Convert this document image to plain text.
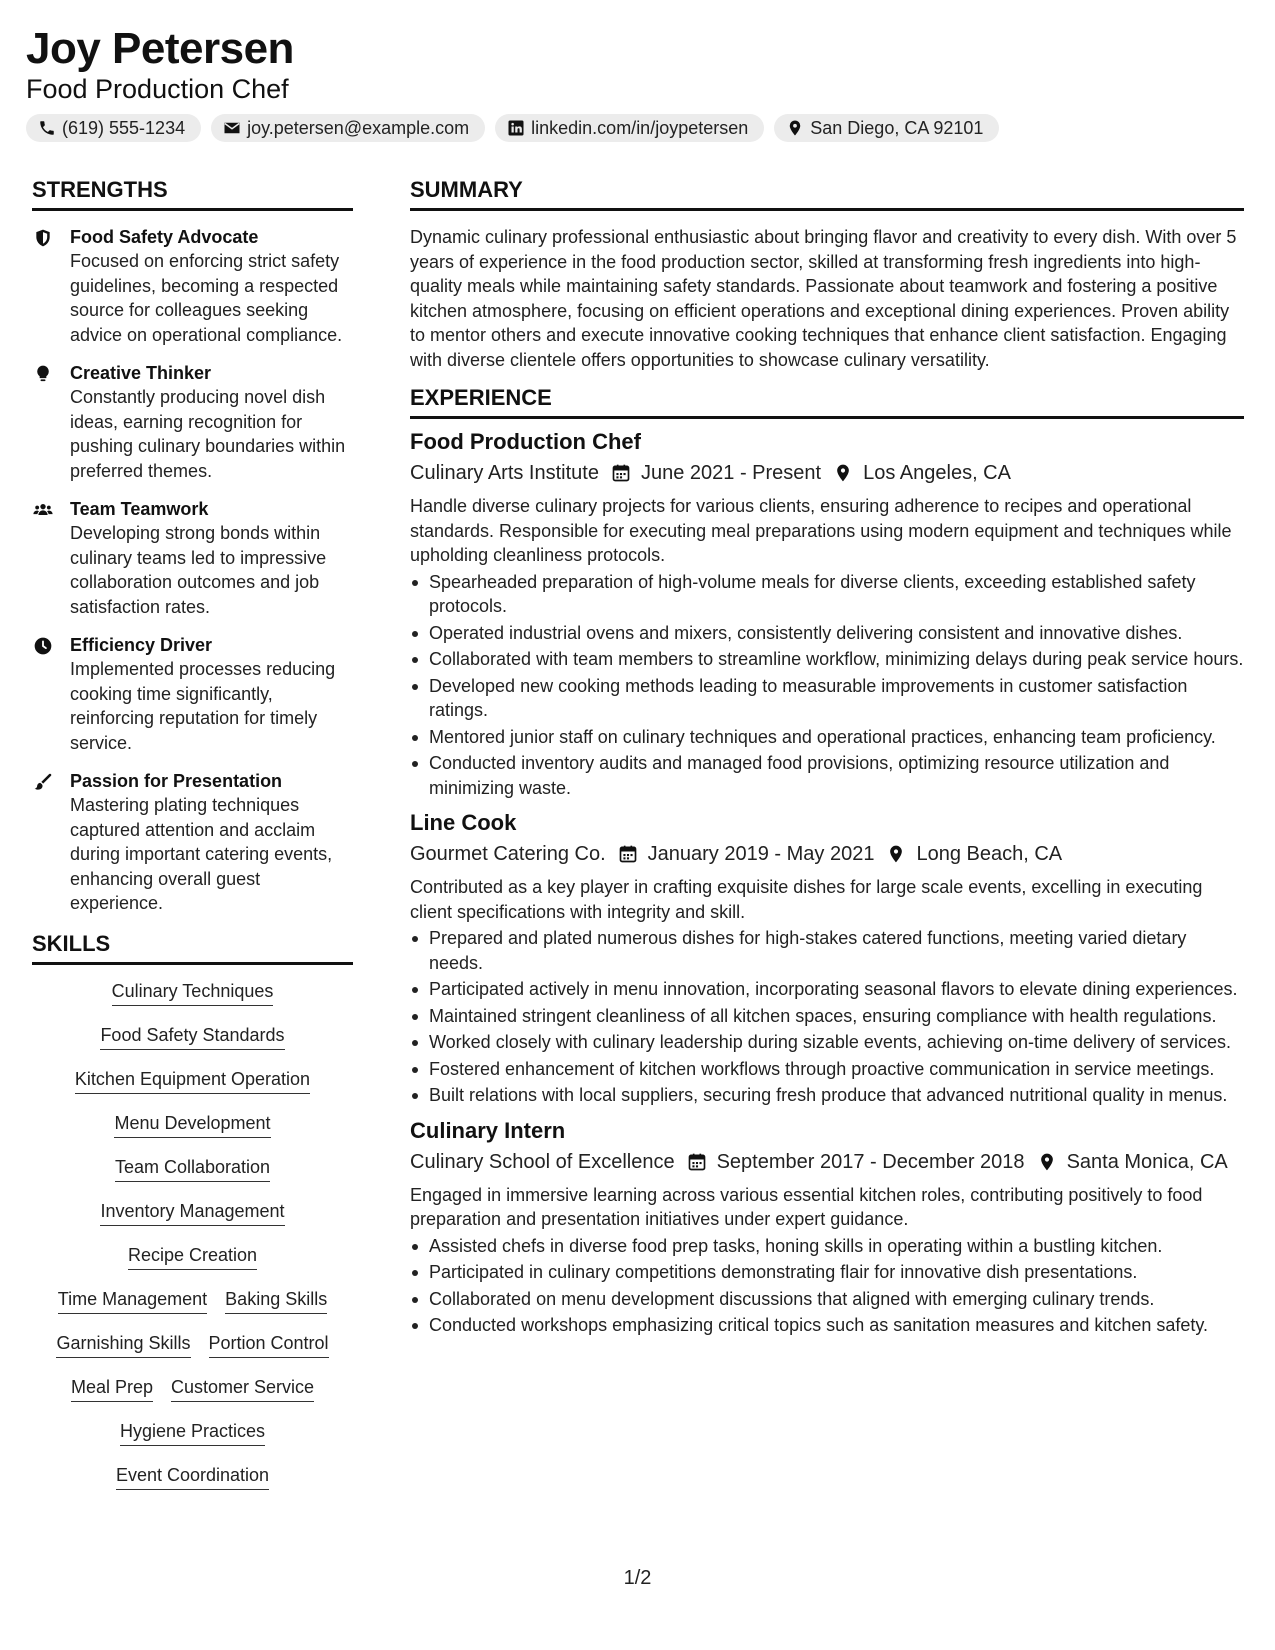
Joy Petersen
Food Production Chef
(619) 555-1234	joy.petersen@example.com	linkedin.com/in/joypetersen	San Diego, CA 92101
STRENGTHS
Food Safety Advocate

Focused on enforcing strict safety guidelines, becoming a respected source for colleagues seeking advice on operational compliance.

Creative Thinker

Constantly producing novel dish ideas, earning recognition for pushing culinary boundaries within preferred themes.

Team Teamwork

Developing strong bonds within culinary teams led to impressive collaboration outcomes and job satisfaction rates.

Efficiency Driver

Implemented processes reducing cooking time significantly, reinforcing reputation for timely service.

Passion for Presentation

Mastering plating techniques captured attention and acclaim during important catering events, enhancing overall guest experience.

SKILLS
Culinary Techniques
Food Safety Standards
Kitchen Equipment Operation
Menu Development
Team Collaboration
Inventory Management
Recipe Creation
Time Management Baking Skills
Garnishing Skills Portion Control
Meal Prep Customer Service
Hygiene Practices
Event Coordination
SUMMARY

Dynamic culinary professional enthusiastic about bringing flavor and creativity to every dish. With over 5 years of experience in the food production sector, skilled at transforming fresh ingredients into high-quality meals while maintaining safety standards. Passionate about teamwork and fostering a positive kitchen atmosphere, focusing on efficient operations and exceptional dining experiences. Proven ability to mentor others and execute innovative cooking techniques that enhance client satisfaction. Engaging with diverse clientele offers opportunities to showcase culinary versatility.

EXPERIENCE
Food Production Chef
Culinary Arts Institute June 2021 - Present Los Angeles, CA

Handle diverse culinary projects for various clients, ensuring adherence to recipes and operational standards. Responsible for executing meal preparations using modern equipment and techniques while upholding cleanliness protocols.

Spearheaded preparation of high-volume meals for diverse clients, exceeding established safety protocols.
Operated industrial ovens and mixers, consistently delivering consistent and innovative dishes.
Collaborated with team members to streamline workflow, minimizing delays during peak service hours.
Developed new cooking methods leading to measurable improvements in customer satisfaction ratings.
Mentored junior staff on culinary techniques and operational practices, enhancing team proficiency.
Conducted inventory audits and managed food provisions, optimizing resource utilization and minimizing waste.
Line Cook
Gourmet Catering Co. January 2019 - May 2021 Long Beach, CA

Contributed as a key player in crafting exquisite dishes for large scale events, excelling in executing client specifications with integrity and skill.

Prepared and plated numerous dishes for high-stakes catered functions, meeting varied dietary needs.
Participated actively in menu innovation, incorporating seasonal flavors to elevate dining experiences.
Maintained stringent cleanliness of all kitchen spaces, ensuring compliance with health regulations.
Worked closely with culinary leadership during sizable events, achieving on-time delivery of services.
Fostered enhancement of kitchen workflows through proactive communication in service meetings.
Built relations with local suppliers, securing fresh produce that advanced nutritional quality in menus.
Culinary Intern
Culinary School of Excellence September 2017 - December 2018 Santa Monica, CA

Engaged in immersive learning across various essential kitchen roles, contributing positively to food preparation and presentation initiatives under expert guidance.

Assisted chefs in diverse food prep tasks, honing skills in operating within a bustling kitchen.
Participated in culinary competitions demonstrating flair for innovative dish presentations.
Collaborated on menu development discussions that aligned with emerging culinary trends.
Conducted workshops emphasizing critical topics such as sanitation measures and kitchen safety.
1/2
